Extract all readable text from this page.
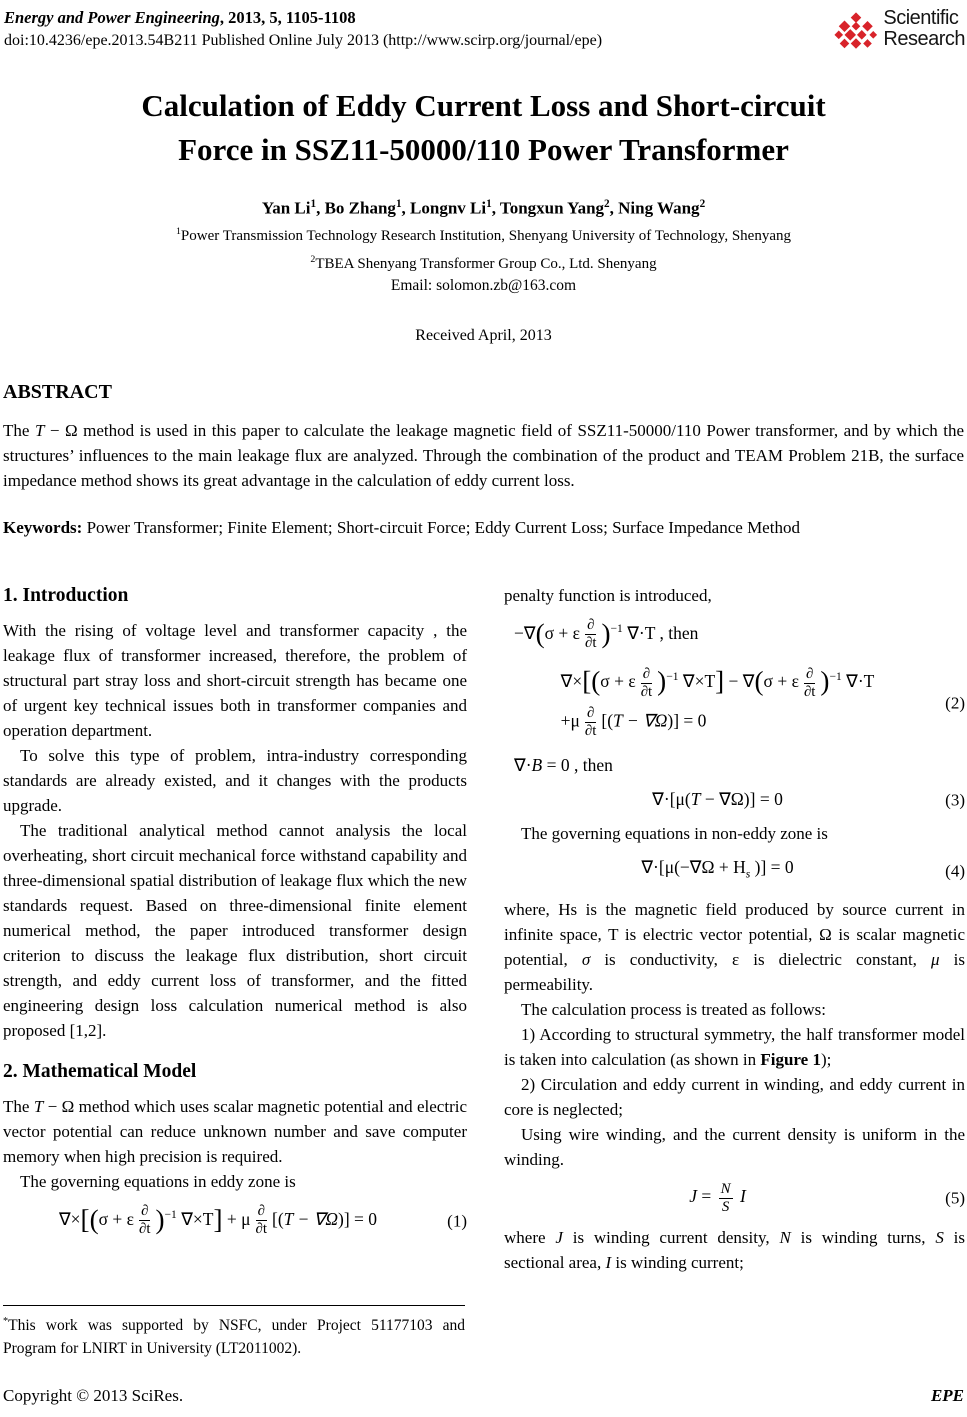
Energy and Power Engineering, 2013, 5, 1105-1108
doi:10.4236/epe.2013.54B211 Published Online July 2013 (http://www.scirp.org/journal/epe)
Scientific
Research
Calculation of Eddy Current Loss and Short-circuit
Force in SSZ11-50000/110 Power Transformer
Yan Li$^1$, Bo Zhang$^1$, Longnv Li$^1$, Tongxun Yang$^2$, Ning Wang$^2$
$^1$Power Transmission Technology Research Institution, Shenyang University of Technology, Shenyang
$^2$TBEA Shenyang Transformer Group Co., Ltd. Shenyang
Email: solomon.zb@163.com
Received April, 2013
ABSTRACT
The T − Ω method is used in this paper to calculate the leakage magnetic field of SSZ11-50000/110 Power transformer, and by which the structures’ influences to the main leakage flux are analyzed. Through the combination of the product and TEAM Problem 21B, the surface impedance method shows its great advantage in the calculation of eddy current loss.
Keywords: Power Transformer; Finite Element; Short-circuit Force; Eddy Current Loss; Surface Impedance Method
1. Introduction

With the rising of voltage level and transformer capacity , the leakage flux of transformer increased, therefore, the problem of structural part stray loss and short-circuit strength has became one of urgent key technical issues both in transformer companies and operation department.

To solve this type of problem, intra-industry corresponding standards are already existed, and it changes with the products upgrade.

The traditional analytical method cannot analysis the local overheating, short circuit mechanical force withstand capability and three-dimensional spatial distribution of leakage flux which the new standards request. Based on three-dimensional finite element numerical method, the paper introduced transformer design criterion to discuss the leakage flux distribution, short circuit strength, and eddy current loss of transformer, and the fitted engineering design loss calculation numerical method is also proposed [1,2].

2. Mathematical Model

The T − Ω method which uses scalar magnetic potential and electric vector potential can reduce unknown number and save computer memory when high precision is required.

The governing equations in eddy zone is

∇×[(σ + ε $\frac{\partial}{\partial t} )^{-1}$ ∇×T] + μ $\frac{\partial}{\partial t} [(T - \nabla\Omega)] = 0$	(1)

penalty function is introduced,

−∇(σ + ε $\frac{\partial}{\partial t} )^{-1}$ ∇·T , then
∇×[(σ + ε $\frac{\partial}{\partial t} )^{-1}$ ∇×T] − ∇(σ + ε $\frac{\partial}{\partial t} )^{-1}$ ∇·T
$+\mu \frac{\partial}{\partial t} [(T - \nabla\Omega)] = 0$
(2)
∇·B = 0 , then
∇·[μ(T − ∇Ω)] = 0	(3)

The governing equations in non-eddy zone is

$\nabla\cdot[\mu(-\nabla\Omega + H_s$ )] = 0	(4)

where, Hs is the magnetic field produced by source current in infinite space, T is electric vector potential, Ω is scalar magnetic potential, σ is conductivity, ε is dielectric constant, μ is permeability.

The calculation process is treated as follows:

1) According to structural symmetry, the half transformer model is taken into calculation (as shown in Figure 1);

2) Circulation and eddy current in winding, and eddy current in core is neglected;

Using wire winding, and the current density is uniform in the winding.

$J = \frac{N}{S}$ I	(5)

where J is winding current density, N is winding turns, S is sectional area, I is winding current;

*This work was supported by NSFC, under Project 51177103 and Program for LNIRT in University (LT2011002).
Copyright © 2013 SciRes.	EPE
